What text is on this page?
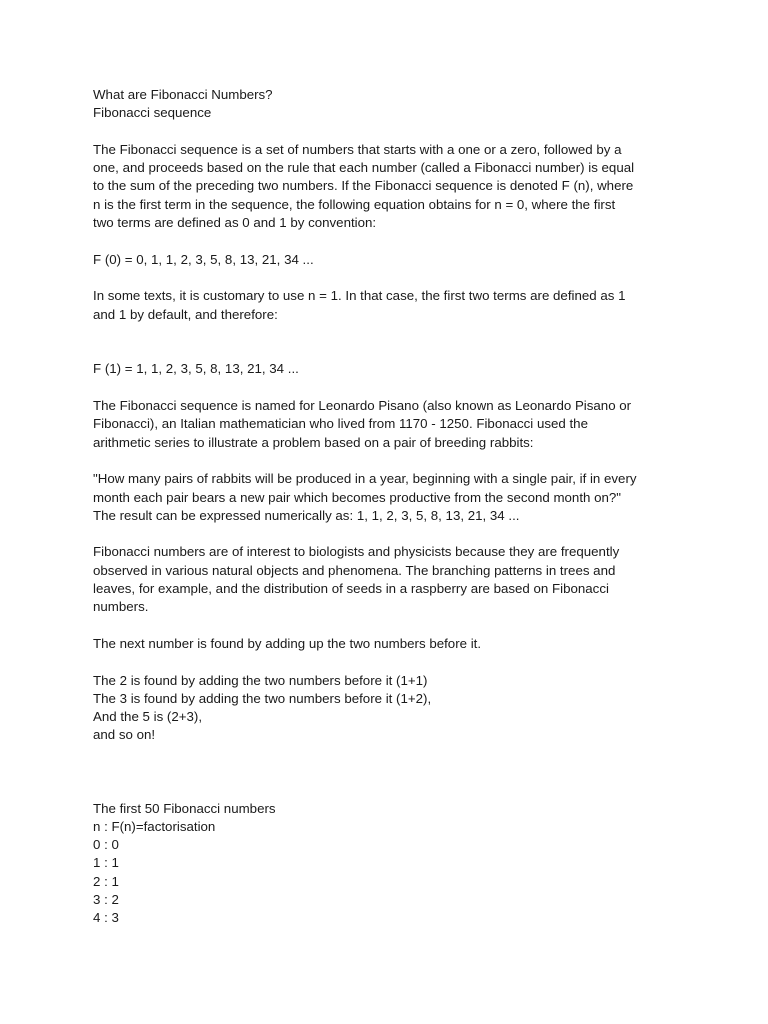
What are Fibonacci Numbers?

Fibonacci sequence

The Fibonacci sequence is a set of numbers that starts with a one or a zero, followed by a
one, and proceeds based on the rule that each number (called a Fibonacci number) is equal
to the sum of the preceding two numbers. If the Fibonacci sequence is denoted F (n), where
n is the first term in the sequence, the following equation obtains for n = 0, where the first
two terms are defined as 0 and 1 by convention:

F (0) = 0, 1, 1, 2, 3, 5, 8, 13, 21, 34 ...

In some texts, it is customary to use n = 1. In that case, the first two terms are defined as 1
and 1 by default, and therefore:

F (1) = 1, 1, 2, 3, 5, 8, 13, 21, 34 ...

The Fibonacci sequence is named for Leonardo Pisano (also known as Leonardo Pisano or
Fibonacci), an Italian mathematician who lived from 1170 - 1250. Fibonacci used the
arithmetic series to illustrate a problem based on a pair of breeding rabbits:
"How many pairs of rabbits will be produced in a year, beginning with a single pair, if in every
month each pair bears a new pair which becomes productive from the second month on?"
The result can be expressed numerically as: 1, 1, 2, 3, 5, 8, 13, 21, 34 ...
Fibonacci numbers are of interest to biologists and physicists because they are frequently
observed in various natural objects and phenomena. The branching patterns in trees and
leaves, for example, and the distribution of seeds in a raspberry are based on Fibonacci
numbers.

The next number is found by adding up the two numbers before it.

The 2 is found by adding the two numbers before it (1+1)
The 3 is found by adding the two numbers before it (1+2),
And the 5 is (2+3),
and so on!

The first 50 Fibonacci numbers

n : F(n)=factorisation

0 : 0
1 : 1
2 : 1
3 : 2
4 : 3
